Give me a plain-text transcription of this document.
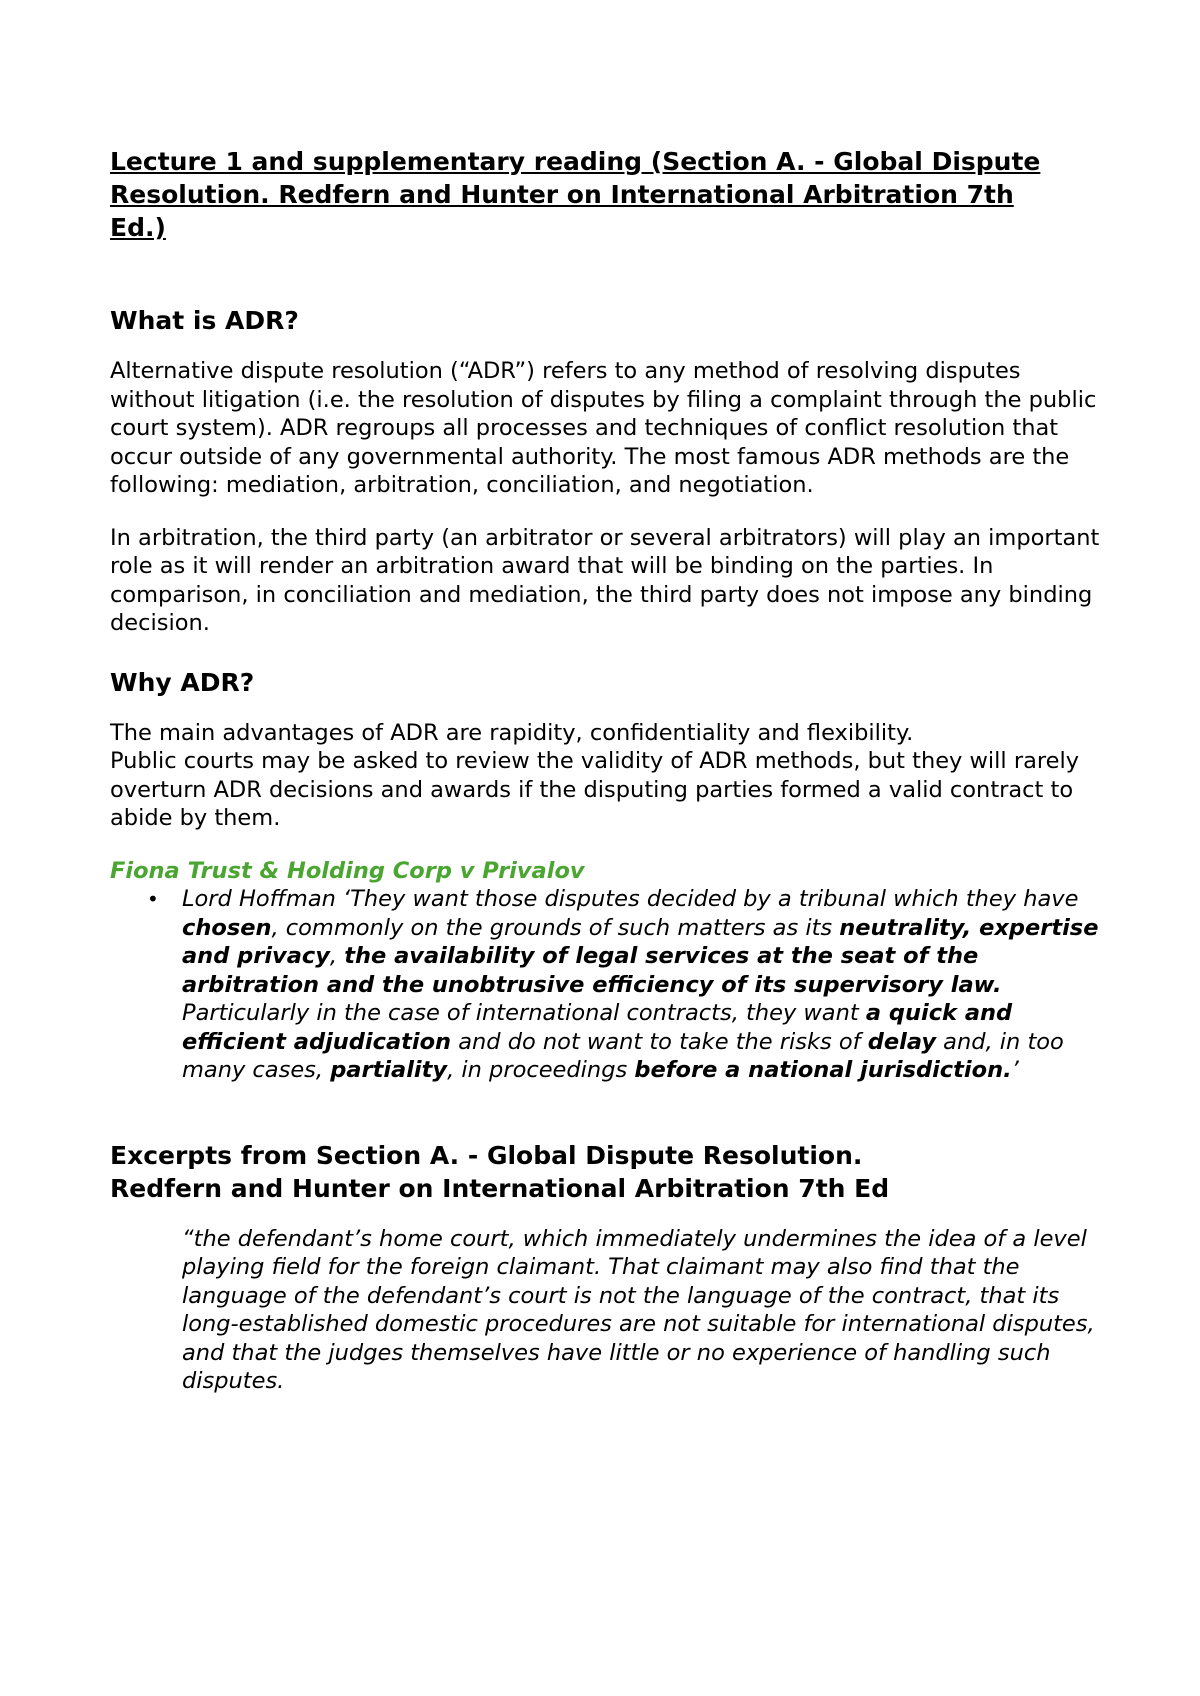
Lecture 1 and supplementary reading (Section A. - Global Dispute Resolution. Redfern and Hunter on International Arbitration 7th Ed.)
What is ADR?

Alternative dispute resolution (“ADR”) refers to any method of resolving disputes without litigation (i.e. the resolution of disputes by filing a complaint through the public court system). ADR regroups all processes and techniques of conflict resolution that occur outside of any governmental authority. The most famous ADR methods are the following: mediation, arbitration, conciliation, and negotiation.

In arbitration, the third party (an arbitrator or several arbitrators) will play an important role as it will render an arbitration award that will be binding on the parties. In comparison, in conciliation and mediation, the third party does not impose any binding decision.

Why ADR?

The main advantages of ADR are rapidity, confidentiality and flexibility.

Public courts may be asked to review the validity of ADR methods, but they will rarely overturn ADR decisions and awards if the disputing parties formed a valid contract to abide by them.

Fiona Trust & Holding Corp v Privalov

• Lord Hoffman ‘They want those disputes decided by a tribunal which they have chosen, commonly on the grounds of such matters as its neutrality, expertise and privacy, the availability of legal services at the seat of the arbitration and the unobtrusive efficiency of its supervisory law. Particularly in the case of international contracts, they want a quick and efficient adjudication and do not want to take the risks of delay and, in too many cases, partiality, in proceedings before a national jurisdiction.’
Excerpts from Section A. - Global Dispute Resolution.
Redfern and Hunter on International Arbitration 7th Ed

“the defendant’s home court, which immediately undermines the idea of a level playing field for the foreign claimant. That claimant may also find that the language of the defendant’s court is not the language of the contract, that its long-established domestic procedures are not suitable for international disputes, and that the judges themselves have little or no experience of handling such disputes.
